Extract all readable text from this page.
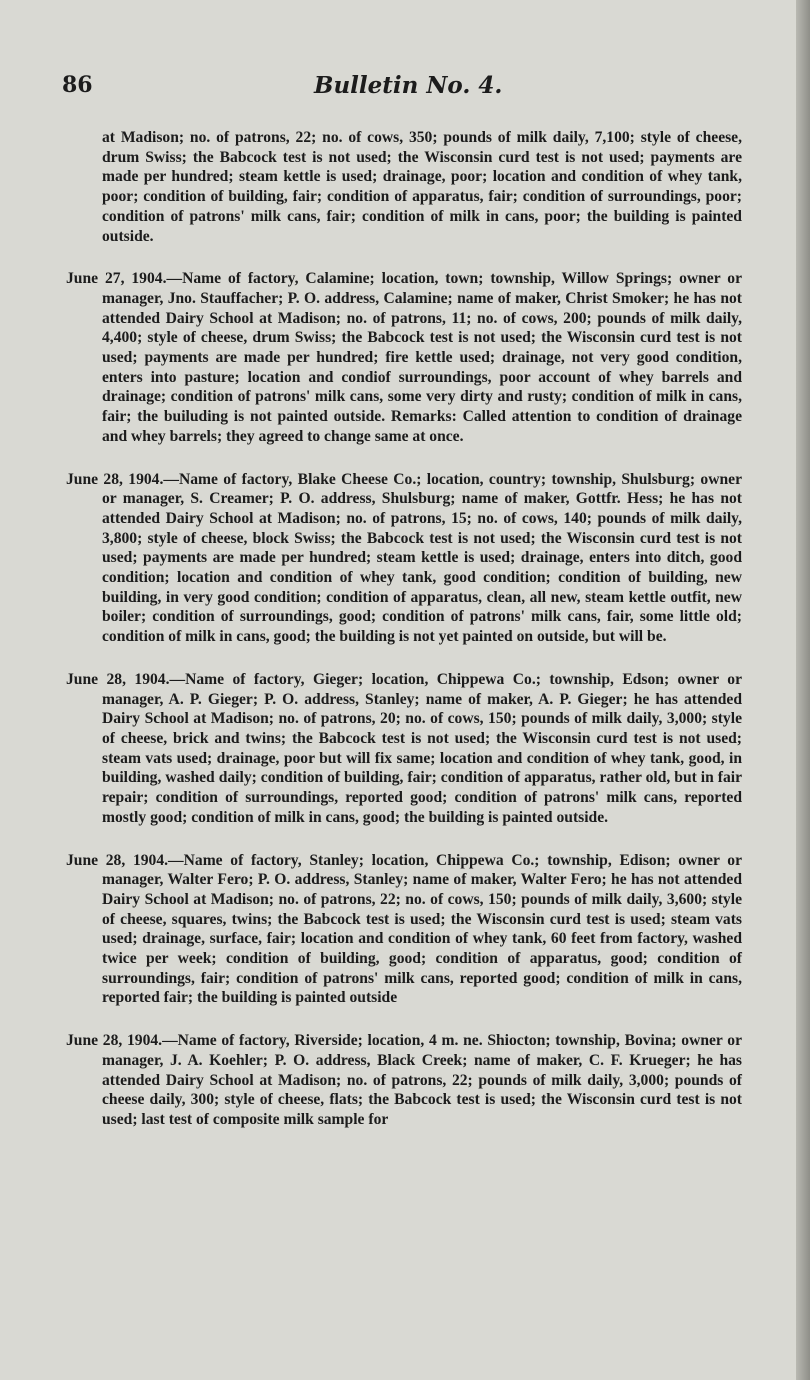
86	Bulletin No. 4.

at Madison; no. of patrons, 22; no. of cows, 350; pounds of milk daily, 7,100; style of cheese, drum Swiss; the Babcock test is not used; the Wisconsin curd test is not used; payments are made per hundred; steam kettle is used; drainage, poor; location and condition of whey tank, poor; condition of building, fair; condition of apparatus, fair; condition of surroundings, poor; condition of patrons' milk cans, fair; condition of milk in cans, poor; the building is painted outside.

June 27, 1904.—Name of factory, Calamine; location, town; township, Willow Springs; owner or manager, Jno. Stauffacher; P. O. address, Calamine; name of maker, Christ Smoker; he has not attended Dairy School at Madison; no. of patrons, 11; no. of cows, 200; pounds of milk daily, 4,400; style of cheese, drum Swiss; the Babcock test is not used; the Wisconsin curd test is not used; payments are made per hundred; fire kettle used; drainage, not very good condition, enters into pasture; location and condiof surroundings, poor account of whey barrels and drainage; condition of patrons' milk cans, some very dirty and rusty; condition of milk in cans, fair; the builuding is not painted outside. Remarks: Called attention to condition of drainage and whey barrels; they agreed to change same at once.

June 28, 1904.—Name of factory, Blake Cheese Co.; location, country; township, Shulsburg; owner or manager, S. Creamer; P. O. address, Shulsburg; name of maker, Gottfr. Hess; he has not attended Dairy School at Madison; no. of patrons, 15; no. of cows, 140; pounds of milk daily, 3,800; style of cheese, block Swiss; the Babcock test is not used; the Wisconsin curd test is not used; payments are made per hundred; steam kettle is used; drainage, enters into ditch, good condition; location and condition of whey tank, good condition; condition of building, new building, in very good condition; condition of apparatus, clean, all new, steam kettle outfit, new boiler; condition of surroundings, good; condition of patrons' milk cans, fair, some little old; condition of milk in cans, good; the building is not yet painted on outside, but will be.

June 28, 1904.—Name of factory, Gieger; location, Chippewa Co.; township, Edson; owner or manager, A. P. Gieger; P. O. address, Stanley; name of maker, A. P. Gieger; he has attended Dairy School at Madison; no. of patrons, 20; no. of cows, 150; pounds of milk daily, 3,000; style of cheese, brick and twins; the Babcock test is not used; the Wisconsin curd test is not used; steam vats used; drainage, poor but will fix same; location and condition of whey tank, good, in building, washed daily; condition of building, fair; condition of apparatus, rather old, but in fair repair; condition of surroundings, reported good; condition of patrons' milk cans, reported mostly good; condition of milk in cans, good; the building is painted outside.

June 28, 1904.—Name of factory, Stanley; location, Chippewa Co.; township, Edison; owner or manager, Walter Fero; P. O. address, Stanley; name of maker, Walter Fero; he has not attended Dairy School at Madison; no. of patrons, 22; no. of cows, 150; pounds of milk daily, 3,600; style of cheese, squares, twins; the Babcock test is used; the Wisconsin curd test is used; steam vats used; drainage, surface, fair; location and condition of whey tank, 60 feet from factory, washed twice per week; condition of building, good; condition of apparatus, good; condition of surroundings, fair; condition of patrons' milk cans, reported good; condition of milk in cans, reported fair; the building is painted outside

June 28, 1904.—Name of factory, Riverside; location, 4 m. ne. Shiocton; township, Bovina; owner or manager, J. A. Koehler; P. O. address, Black Creek; name of maker, C. F. Krueger; he has attended Dairy School at Madison; no. of patrons, 22; pounds of milk daily, 3,000; pounds of cheese daily, 300; style of cheese, flats; the Babcock test is used; the Wisconsin curd test is not used; last test of composite milk sample for
